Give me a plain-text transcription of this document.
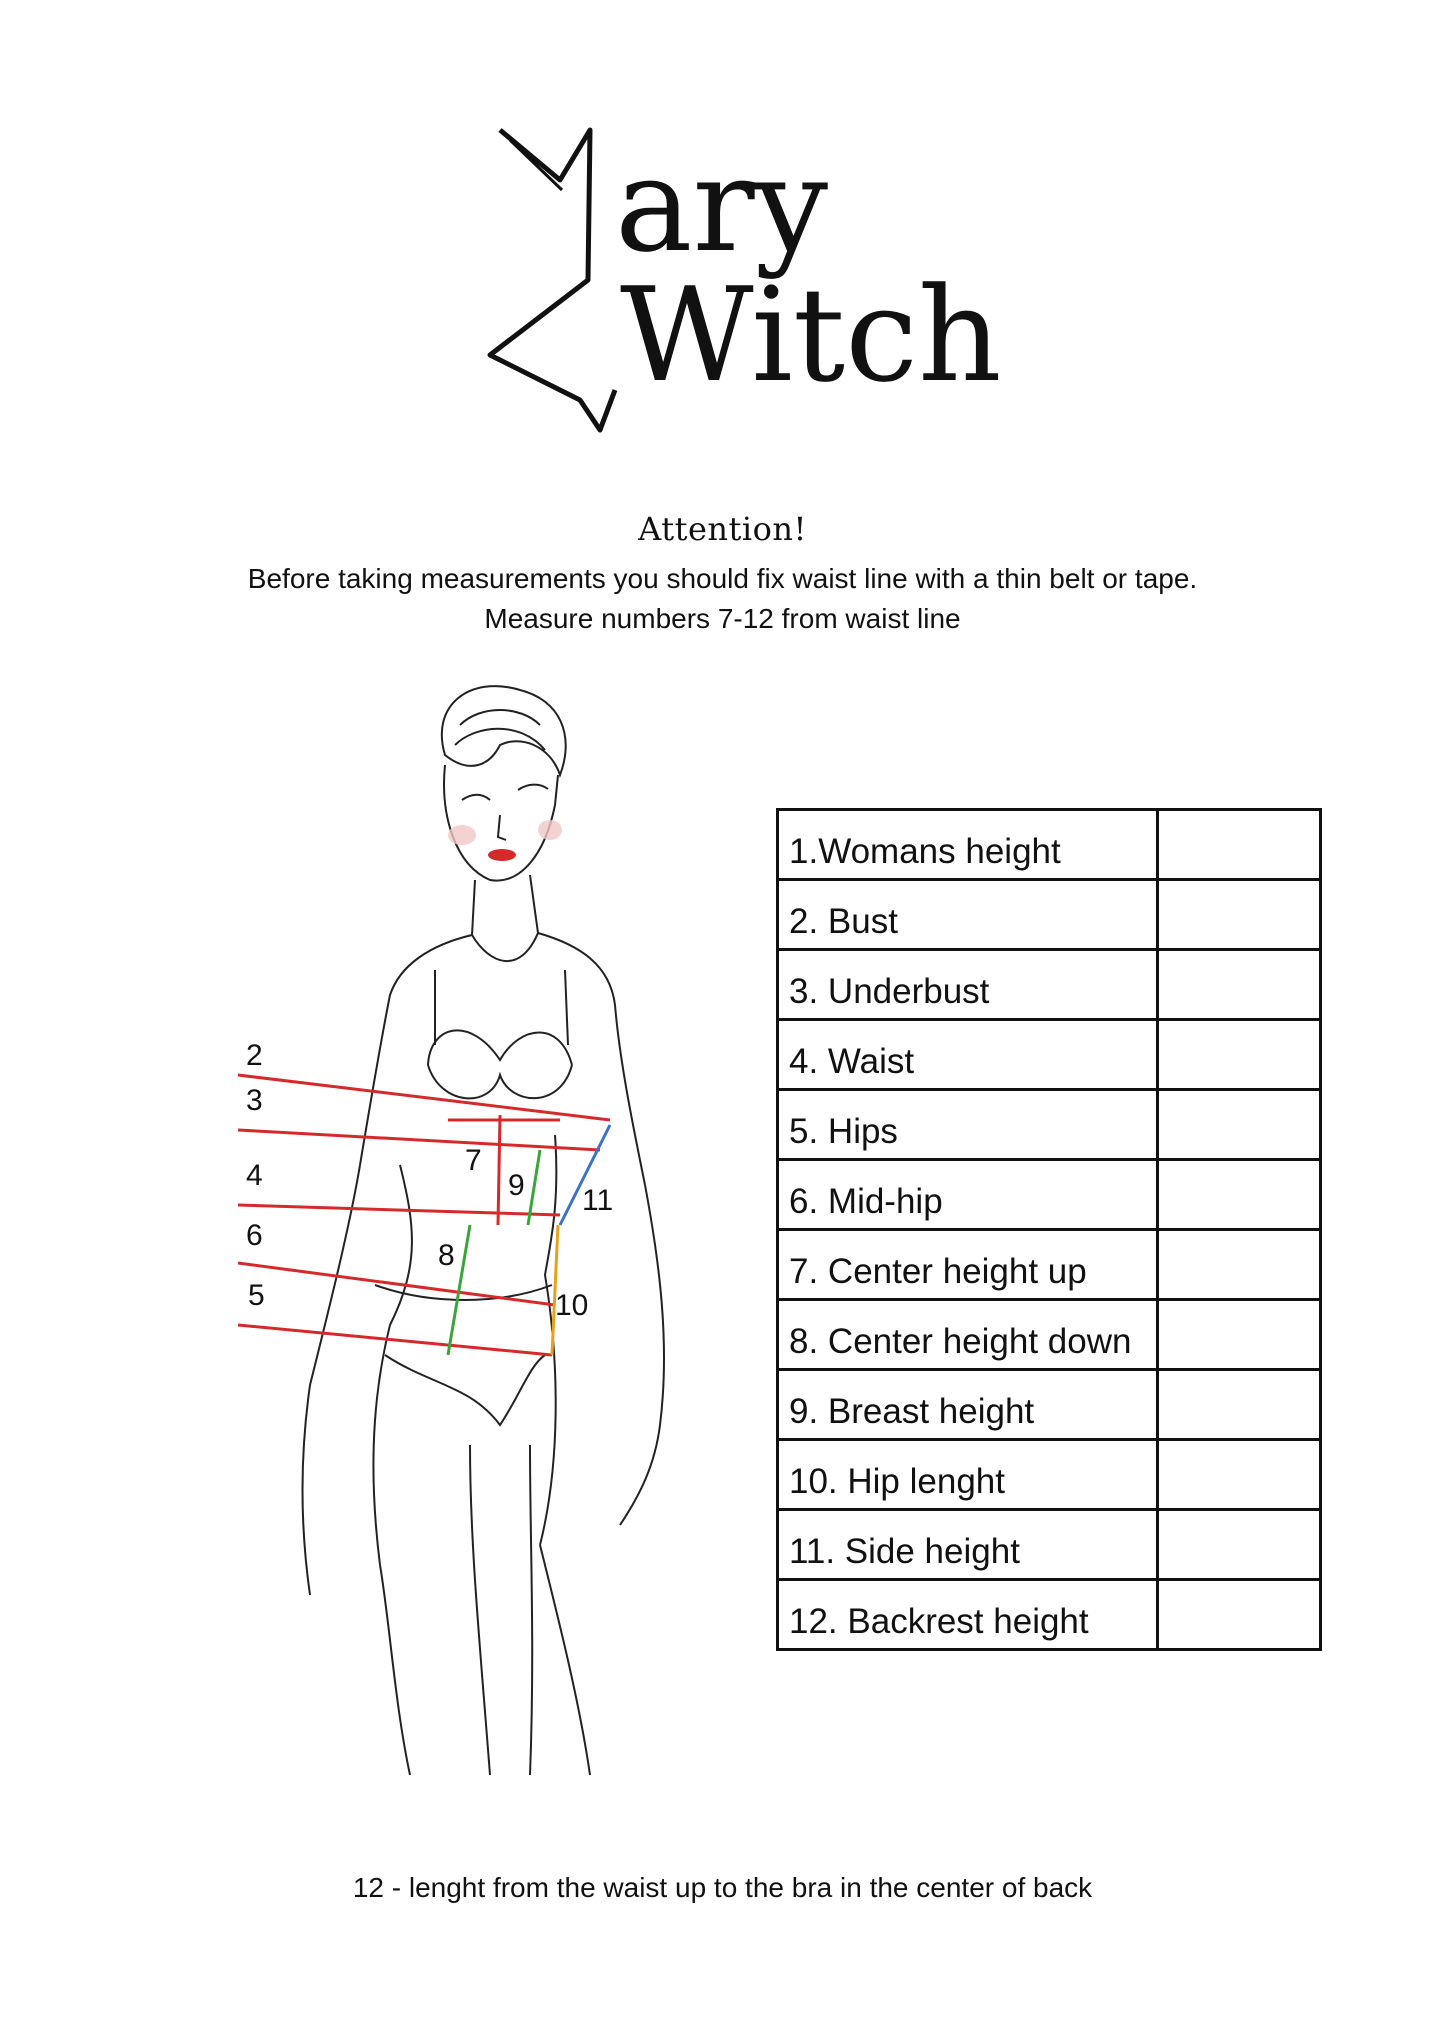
ary
Witch
Attention!
Before taking measurements you should fix waist line with a thin belt or tape.
Measure numbers 7-12 from waist line
2
3
4
6
5
7
9 11
8
10
1.Womans height	
2. Bust	
3. Underbust	
4. Waist	
5. Hips	
6. Mid-hip	
7. Center height up	
8. Center height down	
9. Breast height	
10. Hip lenght	
11. Side height	
12. Backrest height	
12 - lenght from the waist up to the bra in the center of back
